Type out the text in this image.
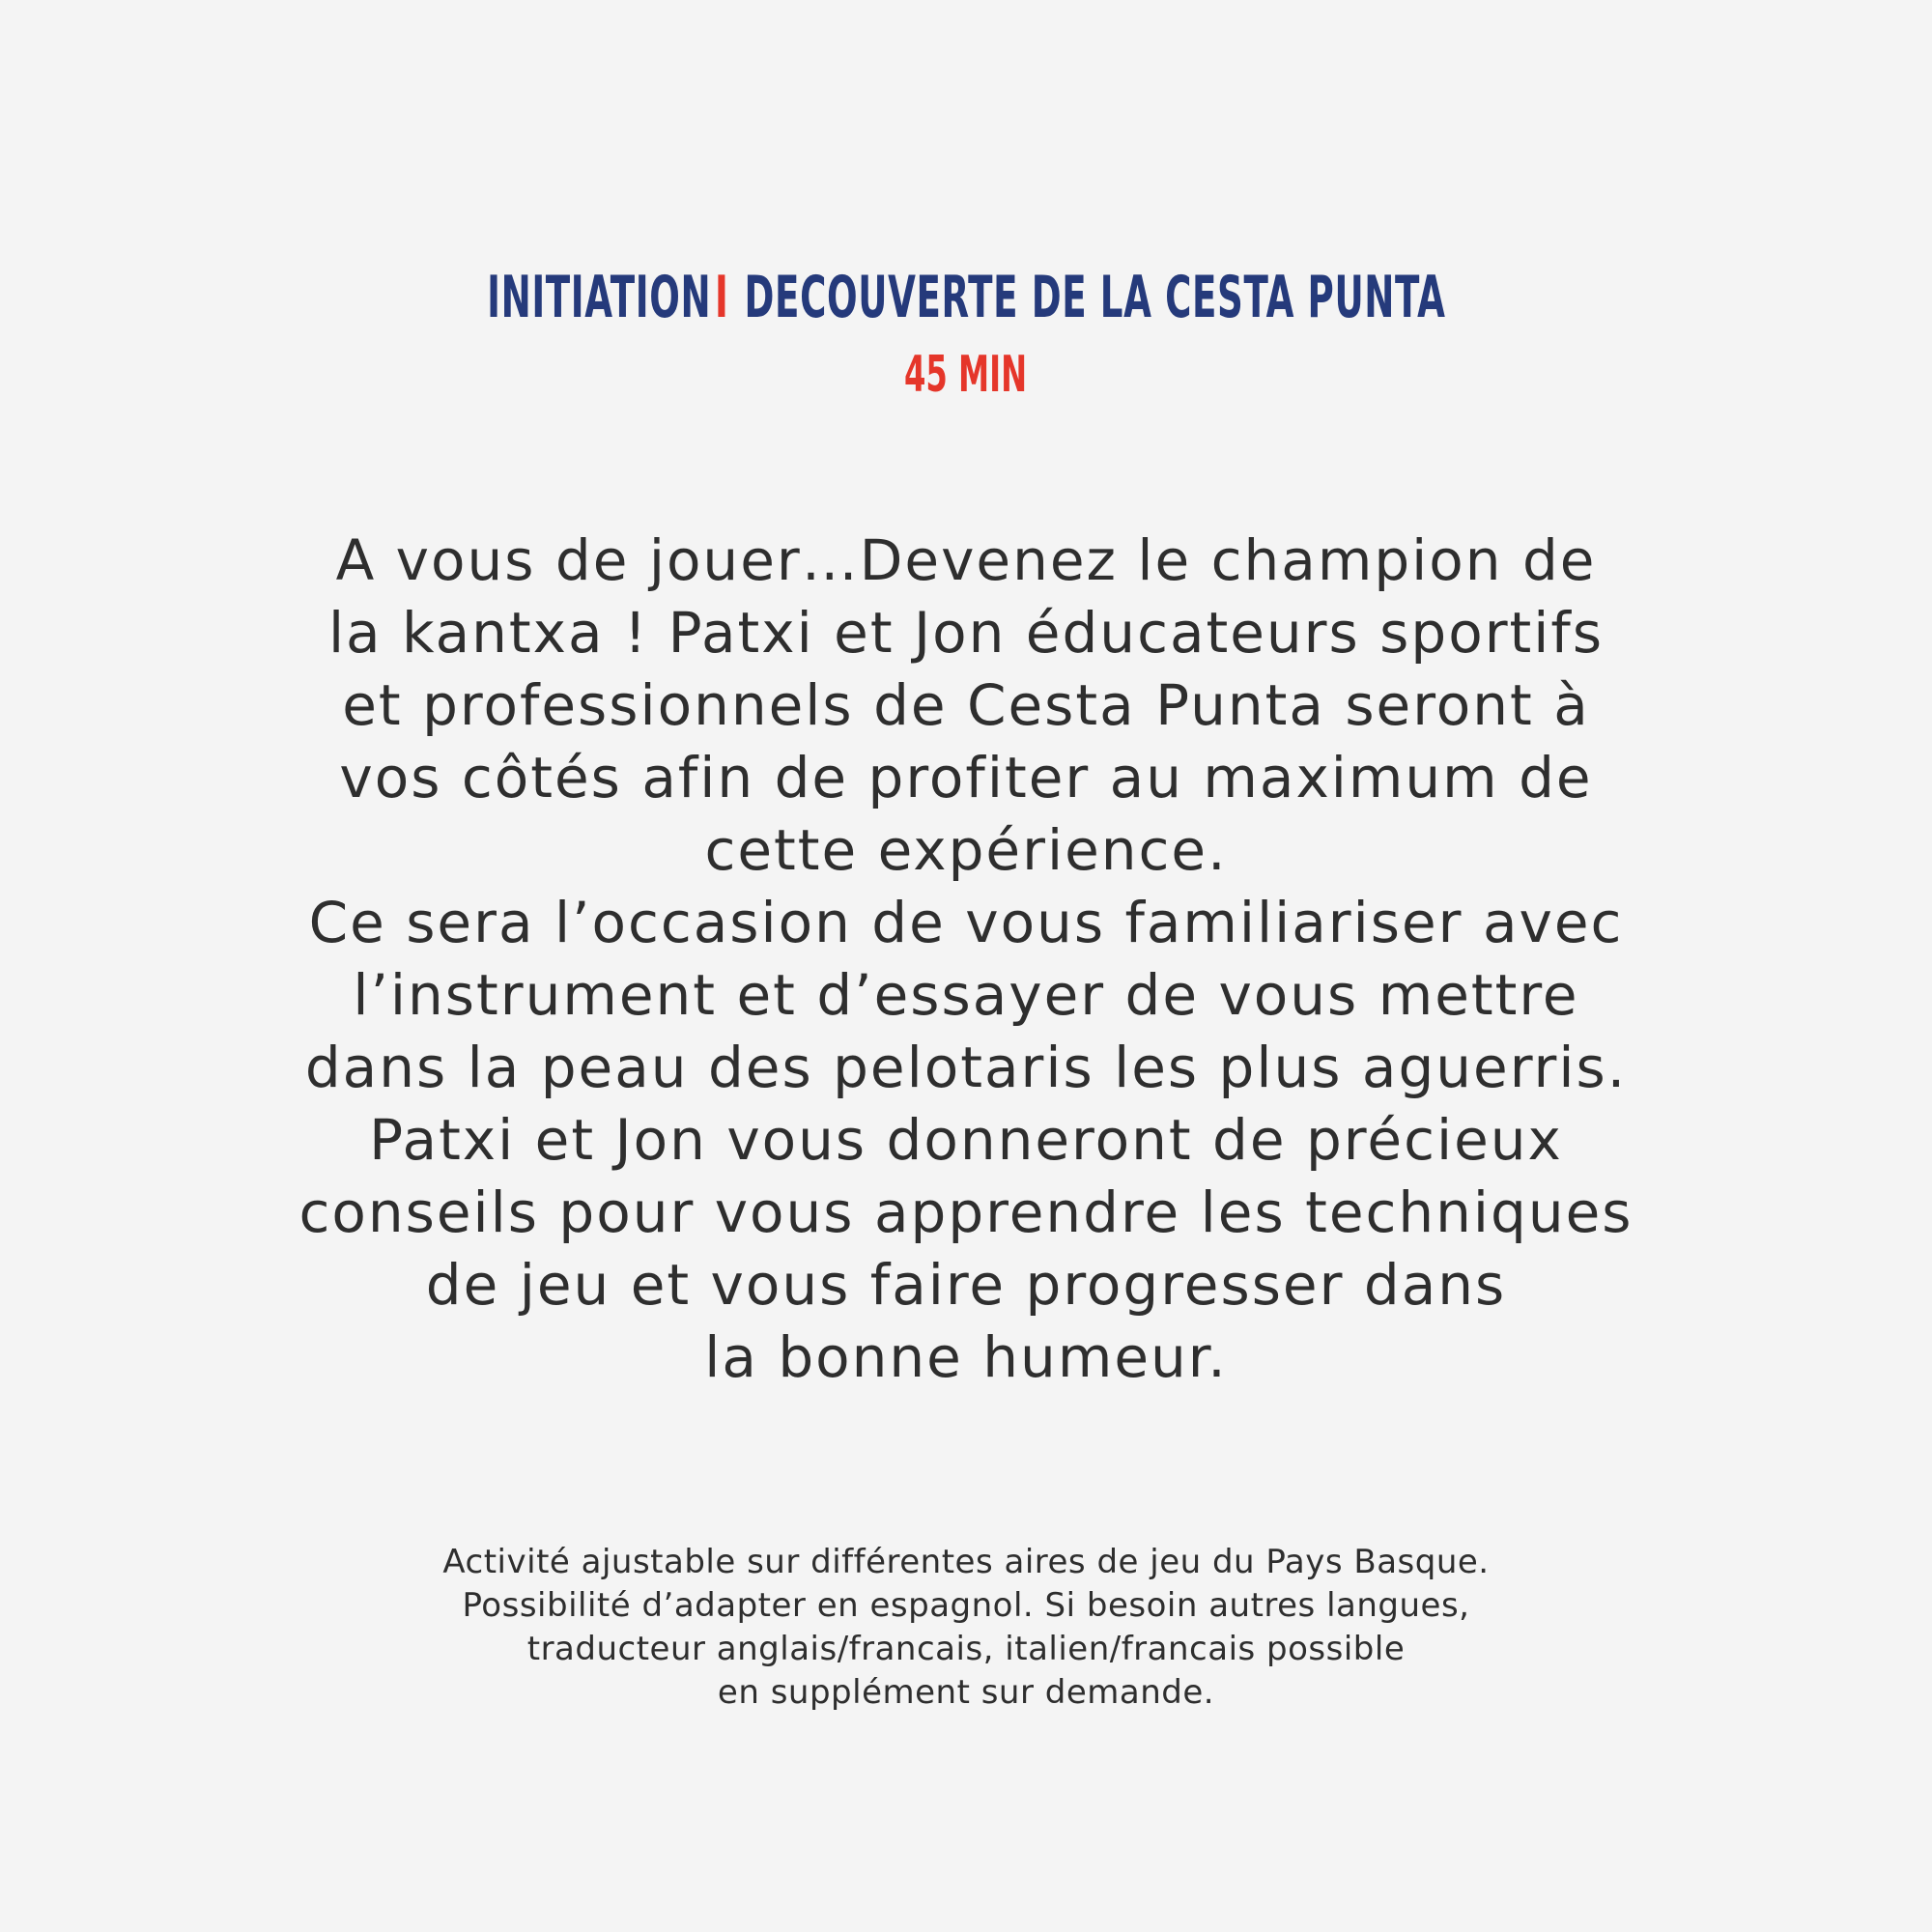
INITIATIONI DECOUVERTE DE LA CESTA PUNTA
45 MIN
A vous de jouer…Devenez le champion de
la kantxa ! Patxi et Jon éducateurs sportifs
et professionnels de Cesta Punta seront à
vos côtés afin de profiter au maximum de
cette expérience.
Ce sera l’occasion de vous familiariser avec
l’instrument et d’essayer de vous mettre
dans la peau des pelotaris les plus aguerris.
Patxi et Jon vous donneront de précieux
conseils pour vous apprendre les techniques
de jeu et vous faire progresser dans
la bonne humeur.
Activité ajustable sur différentes aires de jeu du Pays Basque.
Possibilité d’adapter en espagnol. Si besoin autres langues,
traducteur anglais/francais, italien/francais possible
en supplément sur demande.
